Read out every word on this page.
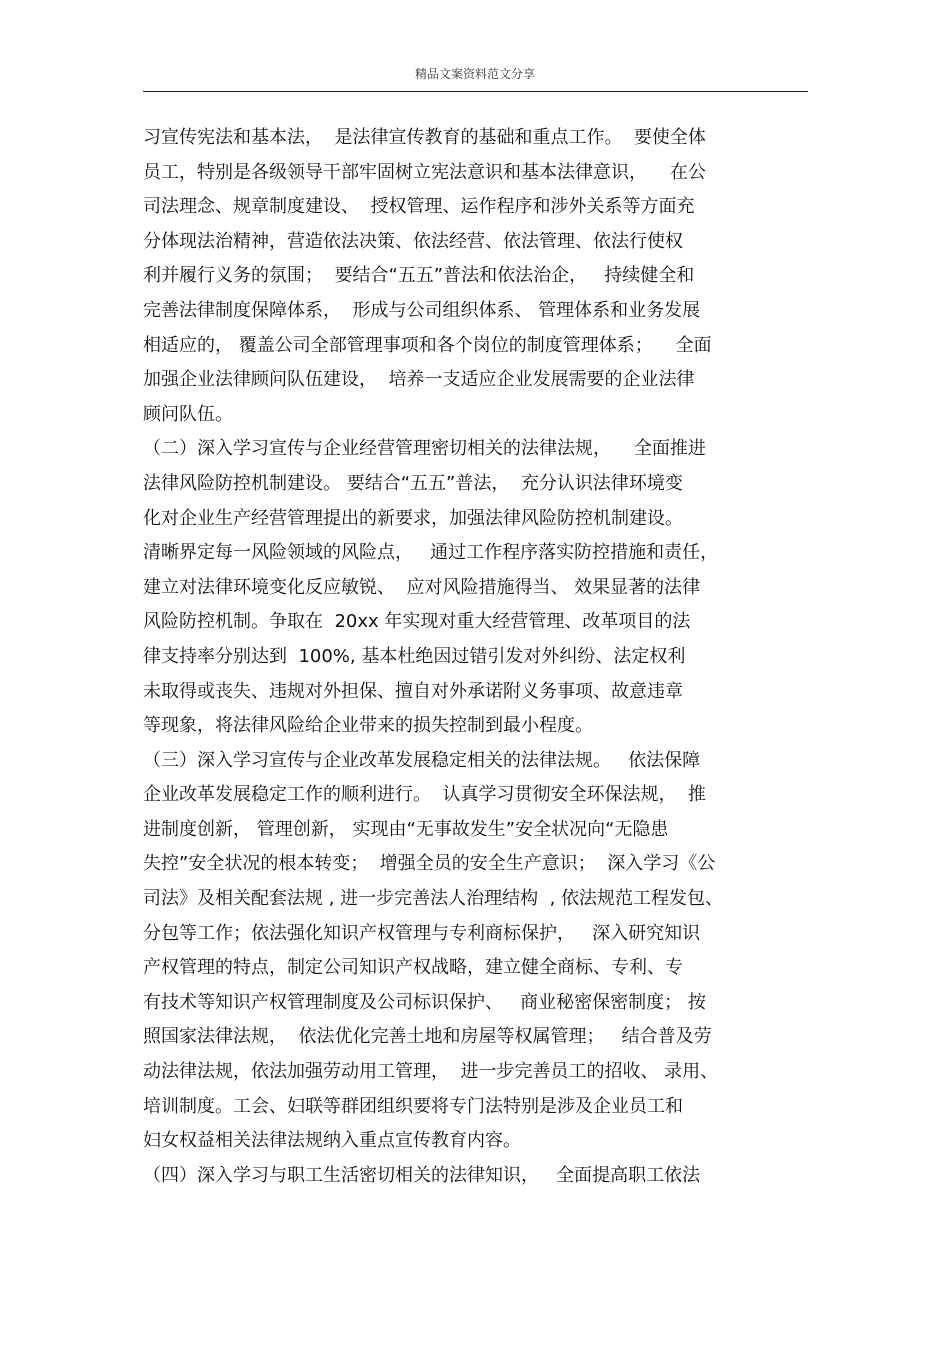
精品文案资料范文分享
习宣传宪法和基本法，  是法律宣传教育的基础和重点工作。  要使全体
员工，特别是各级领导干部牢固树立宪法意识和基本法律意识，    在公
司法理念、规章制度建设、  授权管理、运作程序和涉外关系等方面充
分体现法治精神，营造依法决策、依法经营、依法管理、依法行使权
利并履行义务的氛围；  要结合“五五”普法和依法治企，   持续健全和
完善法律制度保障体系，  形成与公司组织体系、 管理体系和业务发展
相适应的， 覆盖公司全部管理事项和各个岗位的制度管理体系；    全面
加强企业法律顾问队伍建设，  培养一支适应企业发展需要的企业法律
顾问队伍。
（二）深入学习宣传与企业经营管理密切相关的法律法规，    全面推进
法律风险防控机制建设。 要结合“五五”普法，  充分认识法律环境变
化对企业生产经营管理提出的新要求，加强法律风险防控机制建设。
清晰界定每一风险领域的风险点，   通过工作程序落实防控措施和责任，
建立对法律环境变化反应敏锐、  应对风险措施得当、 效果显著的法律
风险防控机制。争取在  20xx 年实现对重大经营管理、改革项目的法
律支持率分别达到  100%, 基本杜绝因过错引发对外纠纷、法定权利
未取得或丧失、违规对外担保、擅自对外承诺附义务事项、故意违章
等现象，将法律风险给企业带来的损失控制到最小程度。
（三）深入学习宣传与企业改革发展稳定相关的法律法规。   依法保障
企业改革发展稳定工作的顺利进行。  认真学习贯彻安全环保法规，  推
进制度创新， 管理创新， 实现由“无事故发生”安全状况向“无隐患
失控”安全状况的根本转变；  增强全员的安全生产意识；  深入学习《公
司法》及相关配套法规 , 进一步完善法人治理结构  , 依法规范工程发包、
分包等工作；依法强化知识产权管理与专利商标保护，   深入研究知识
产权管理的特点，制定公司知识产权战略，建立健全商标、专利、专
有技术等知识产权管理制度及公司标识保护、   商业秘密保密制度； 按
照国家法律法规，  依法优化完善土地和房屋等权属管理；   结合普及劳
动法律法规，依法加强劳动用工管理，  进一步完善员工的招收、 录用、
培训制度。工会、妇联等群团组织要将专门法特别是涉及企业员工和
妇女权益相关法律法规纳入重点宣传教育内容。
（四）深入学习与职工生活密切相关的法律知识，   全面提高职工依法
